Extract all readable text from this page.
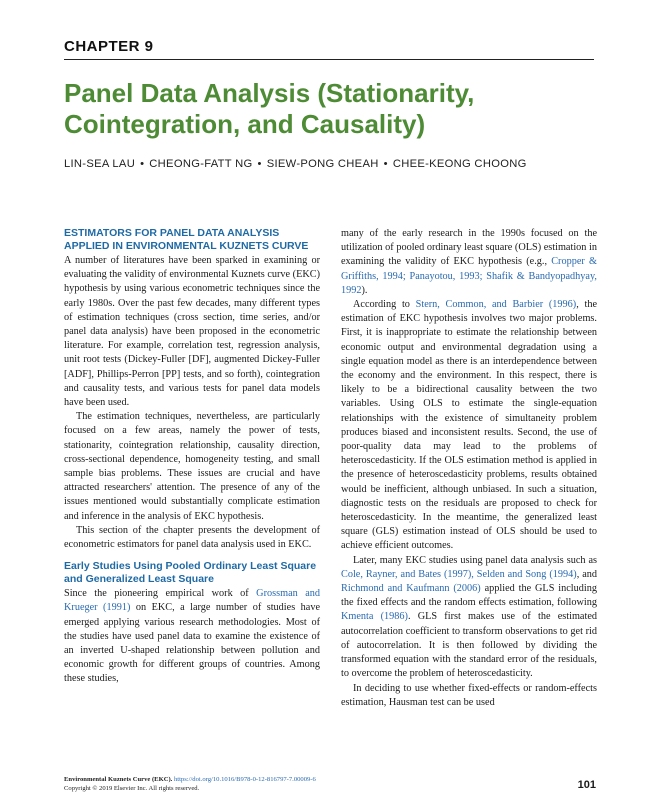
CHAPTER 9
Panel Data Analysis (Stationarity,
Cointegration, and Causality)
LIN-SEA LAU • CHEONG-FATT NG • SIEW-PONG CHEAH • CHEE-KEONG CHOONG
ESTIMATORS FOR PANEL DATA ANALYSIS APPLIED IN ENVIRONMENTAL KUZNETS CURVE

A number of literatures have been sparked in examining or evaluating the validity of environmental Kuznets curve (EKC) hypothesis by using various econometric techniques since the early 1980s. Over the past few decades, many different types of estimation techniques (cross section, time series, and/or panel data analysis) have been proposed in the econometric literature. For example, correlation test, regression analysis, unit root tests (Dickey-Fuller [DF], augmented Dickey-Fuller [ADF], Phillips-Perron [PP] tests, and so forth), cointegration and causality tests, and various tests for panel data models have been used.

The estimation techniques, nevertheless, are particularly focused on a few areas, namely the power of tests, stationarity, cointegration relationship, causality direction, cross-sectional dependence, homogeneity testing, and small sample bias problems. These issues are crucial and have attracted researchers' attention. The presence of any of the issues mentioned would substantially complicate estimation and inference in the analysis of EKC hypothesis.

This section of the chapter presents the development of econometric estimators for panel data analysis used in EKC.

Early Studies Using Pooled Ordinary Least Square and Generalized Least Square

Since the pioneering empirical work of Grossman and Krueger (1991) on EKC, a large number of studies have emerged applying various research methodologies. Most of the studies have used panel data to examine the existence of an inverted U-shaped relationship between pollution and economic growth for different groups of countries. Among these studies,

many of the early research in the 1990s focused on the utilization of pooled ordinary least square (OLS) estimation in examining the validity of EKC hypothesis (e.g., Cropper & Griffiths, 1994; Panayotou, 1993; Shafik & Bandyopadhyay, 1992).

According to Stern, Common, and Barbier (1996), the estimation of EKC hypothesis involves two major problems. First, it is inappropriate to estimate the relationship between economic output and environmental degradation using a single equation model as there is an interdependence between the economy and the environment. In this respect, there is likely to be a bidirectional causality between the two variables. Using OLS to estimate the single-equation relationships with the existence of simultaneity problem produces biased and inconsistent results. Second, the use of poor-quality data may lead to the problems of heteroscedasticity. If the OLS estimation method is applied in the presence of heteroscedasticity problems, results obtained would be inefficient, although unbiased. In such a situation, diagnostic tests on the residuals are proposed to check for heteroscedasticity. In the meantime, the generalized least square (GLS) estimation instead of OLS should be used to achieve efficient outcomes.

Later, many EKC studies using panel data analysis such as Cole, Rayner, and Bates (1997), Selden and Song (1994), and Richmond and Kaufmann (2006) applied the GLS including the fixed effects and the random effects estimation, following Kmenta (1986). GLS first makes use of the estimated autocorrelation coefficient to transform observations to get rid of autocorrelation. It is then followed by dividing the transformed equation with the standard error of the residuals, to overcome the problem of heteroscedasticity.

In deciding to use whether fixed-effects or random-effects estimation, Hausman test can be used

Environmental Kuznets Curve (EKC). https://doi.org/10.1016/B978-0-12-816797-7.00009-6
Copyright © 2019 Elsevier Inc. All rights reserved.	101
